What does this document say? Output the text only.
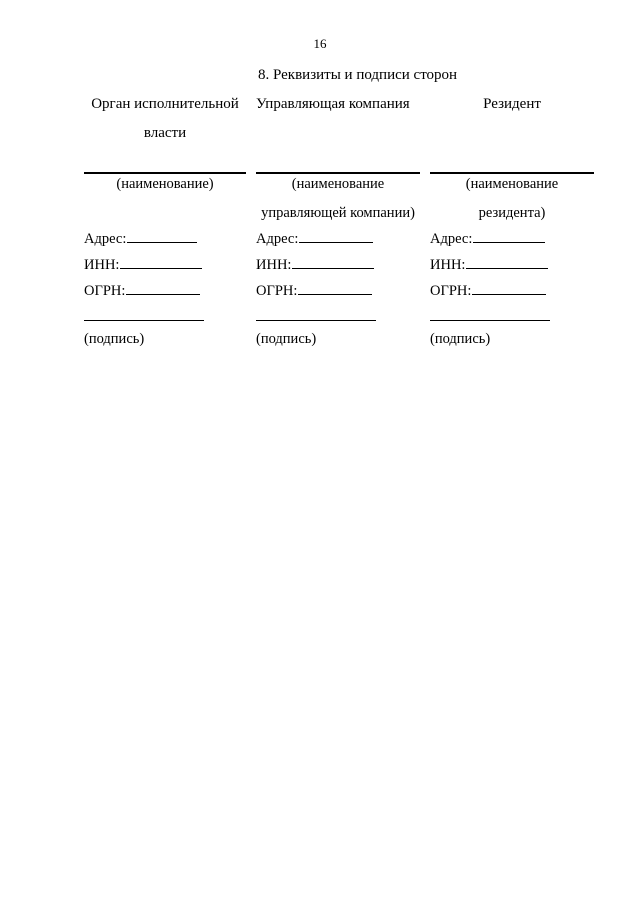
16
8. Реквизиты и подписи сторон
Орган исполнительной
власти
(наименование)
Адрес:
ИНН:
ОГРН:
(подпись)
Управляющая компания
(наименование
управляющей компании)
Адрес:
ИНН:
ОГРН:
(подпись)
Резидент
(наименование
резидента)
Адрес:
ИНН:
ОГРН:
(подпись)
